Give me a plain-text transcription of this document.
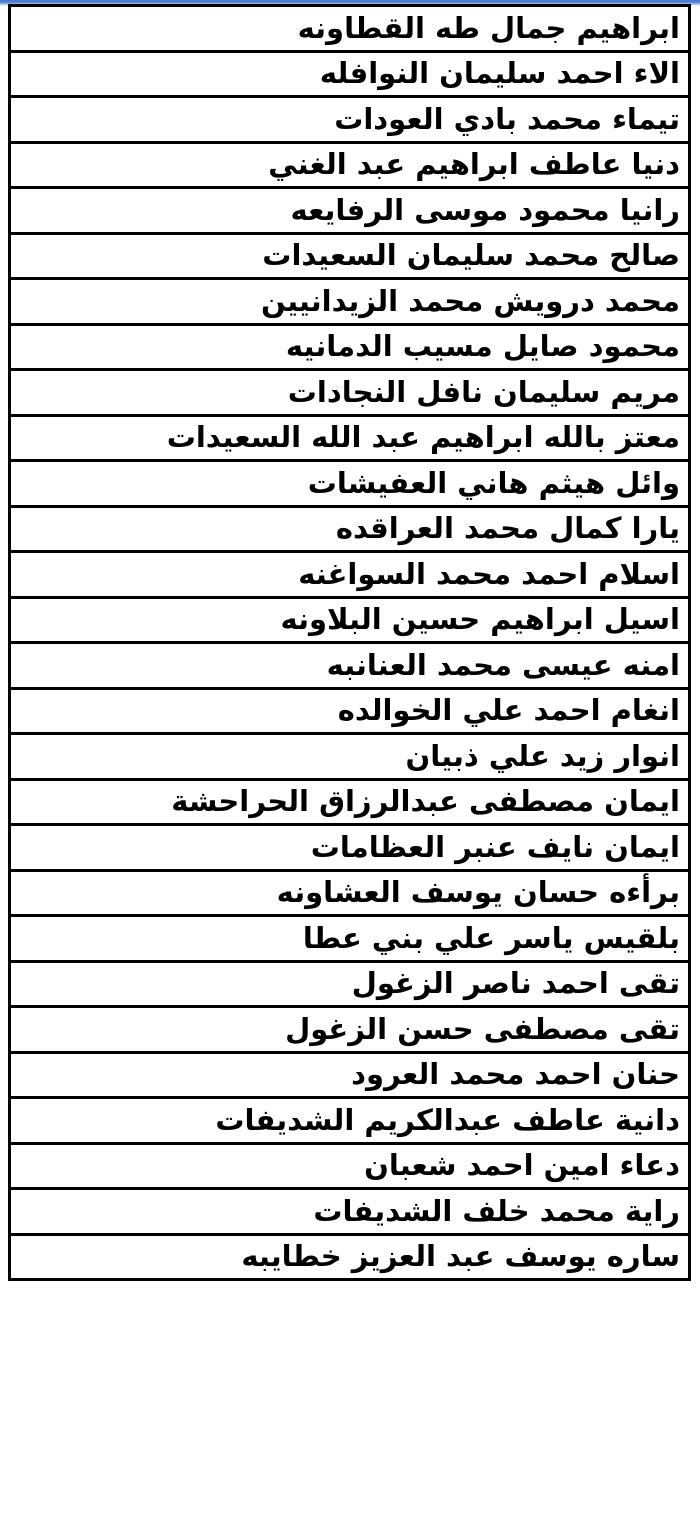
ابراهيم جمال طه القطاونه
الاء احمد سليمان النوافله
تيماء محمد بادي العودات
دنيا عاطف ابراهيم عبد الغني
رانيا محمود موسى الرفايعه
صالح محمد سليمان السعيدات
محمد درويش محمد الزيدانيين
محمود صايل مسيب الدمانيه
مريم سليمان نافل النجادات
معتز بالله ابراهيم عبد الله السعيدات
وائل هيثم هاني العفيشات
يارا كمال محمد العراقده
اسلام احمد محمد السواغنه
اسيل ابراهيم حسين البلاونه
امنه عيسى محمد العنانبه
انغام احمد علي الخوالده
انوار زيد علي ذبيان
ايمان مصطفى عبدالرزاق الحراحشة
ايمان نايف عنبر العظامات
برأءه حسان يوسف العشاونه
بلقيس ياسر علي بني عطا
تقى احمد ناصر الزغول
تقى مصطفى حسن الزغول
حنان احمد محمد العرود
دانية عاطف عبدالكريم الشديفات
دعاء امين احمد شعبان
راية محمد خلف الشديفات
ساره يوسف عبد العزيز خطايبه
